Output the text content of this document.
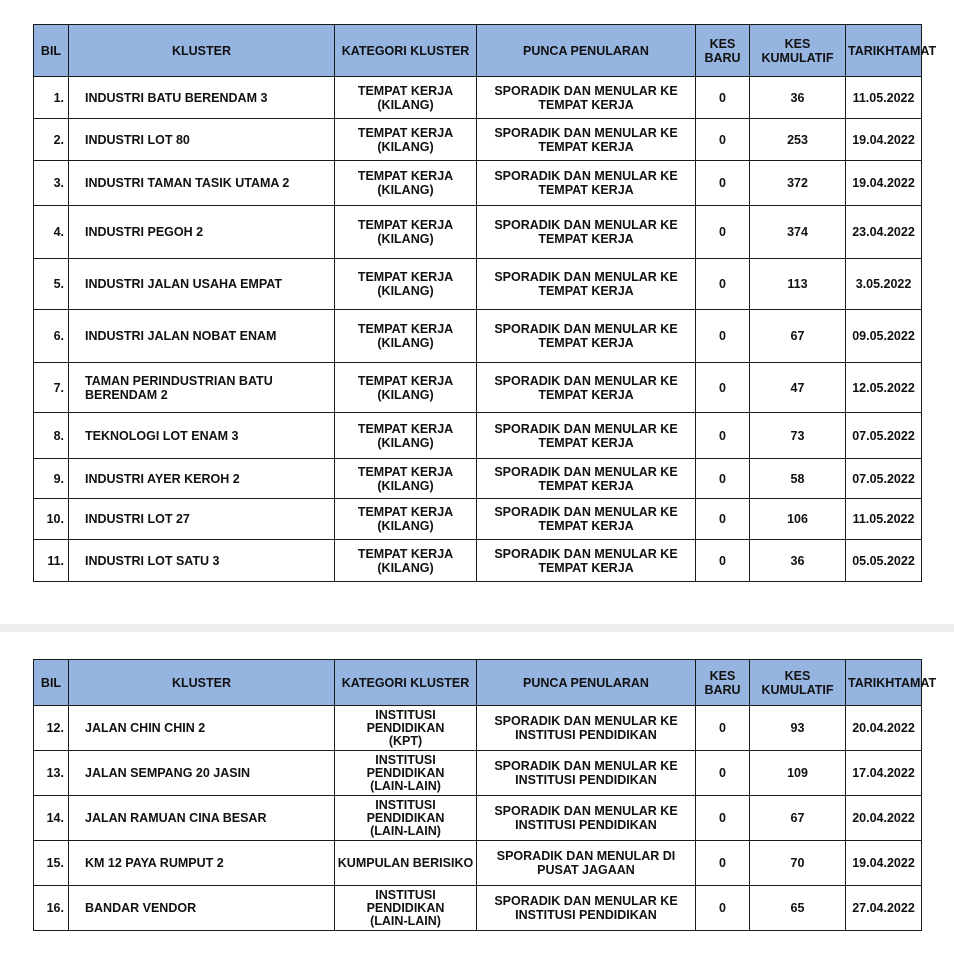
BIL	KLUSTER	KATEGORI KLUSTER	PUNCA PENULARAN	KES
BARU	KES
KUMULATIF	TARIKHTAMAT
1.	INDUSTRI BATU BERENDAM 3	TEMPAT KERJA
(KILANG)	SPORADIK DAN MENULAR KE
TEMPAT KERJA	0	36	11.05.2022
2.	INDUSTRI LOT 80	TEMPAT KERJA
(KILANG)	SPORADIK DAN MENULAR KE
TEMPAT KERJA	0	253	19.04.2022
3.	INDUSTRI TAMAN TASIK UTAMA 2	TEMPAT KERJA
(KILANG)	SPORADIK DAN MENULAR KE
TEMPAT KERJA	0	372	19.04.2022
4.	INDUSTRI PEGOH 2	TEMPAT KERJA
(KILANG)	SPORADIK DAN MENULAR KE
TEMPAT KERJA	0	374	23.04.2022
5.	INDUSTRI JALAN USAHA EMPAT	TEMPAT KERJA
(KILANG)	SPORADIK DAN MENULAR KE
TEMPAT KERJA	0	113	3.05.2022
6.	INDUSTRI JALAN NOBAT ENAM	TEMPAT KERJA
(KILANG)	SPORADIK DAN MENULAR KE
TEMPAT KERJA	0	67	09.05.2022
7.	TAMAN PERINDUSTRIAN BATU BERENDAM 2	TEMPAT KERJA
(KILANG)	SPORADIK DAN MENULAR KE
TEMPAT KERJA	0	47	12.05.2022
8.	TEKNOLOGI LOT ENAM 3	TEMPAT KERJA
(KILANG)	SPORADIK DAN MENULAR KE
TEMPAT KERJA	0	73	07.05.2022
9.	INDUSTRI AYER KEROH 2	TEMPAT KERJA
(KILANG)	SPORADIK DAN MENULAR KE
TEMPAT KERJA	0	58	07.05.2022
10.	INDUSTRI LOT 27	TEMPAT KERJA
(KILANG)	SPORADIK DAN MENULAR KE
TEMPAT KERJA	0	106	11.05.2022
11.	INDUSTRI LOT SATU 3	TEMPAT KERJA
(KILANG)	SPORADIK DAN MENULAR KE
TEMPAT KERJA	0	36	05.05.2022
BIL	KLUSTER	KATEGORI KLUSTER	PUNCA PENULARAN	KES
BARU	KES
KUMULATIF	TARIKHTAMAT
12.	JALAN CHIN CHIN 2	INSTITUSI
PENDIDIKAN
(KPT)	SPORADIK DAN MENULAR KE
INSTITUSI PENDIDIKAN	0	93	20.04.2022
13.	JALAN SEMPANG 20 JASIN	INSTITUSI
PENDIDIKAN
(LAIN-LAIN)	SPORADIK DAN MENULAR KE
INSTITUSI PENDIDIKAN	0	109	17.04.2022
14.	JALAN RAMUAN CINA BESAR	INSTITUSI
PENDIDIKAN
(LAIN-LAIN)	SPORADIK DAN MENULAR KE
INSTITUSI PENDIDIKAN	0	67	20.04.2022
15.	KM 12 PAYA RUMPUT 2	KUMPULAN BERISIKO	SPORADIK DAN MENULAR DI
PUSAT JAGAAN	0	70	19.04.2022
16.	BANDAR VENDOR	INSTITUSI
PENDIDIKAN
(LAIN-LAIN)	SPORADIK DAN MENULAR KE
INSTITUSI PENDIDIKAN	0	65	27.04.2022
